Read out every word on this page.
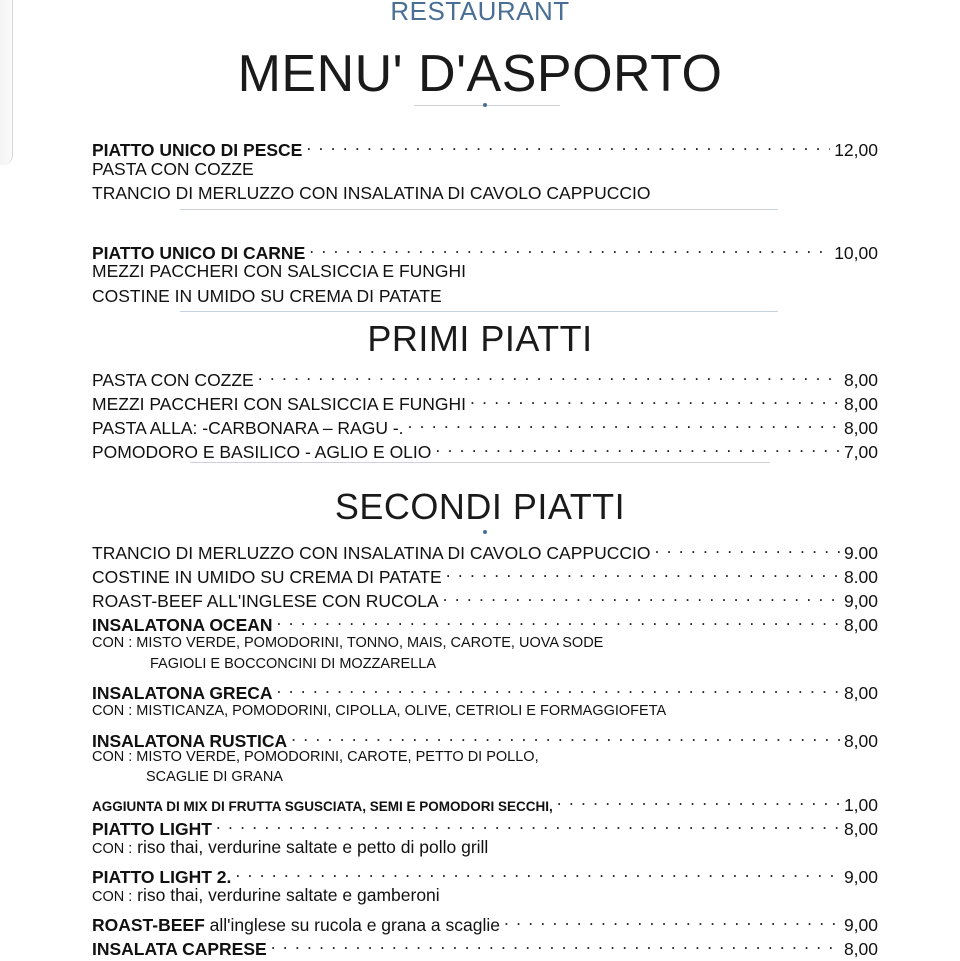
RESTAURANT
MENU' D'ASPORTO
PIATTO UNICO DI PESCE . . .	12,00
PASTA CON COZZE
TRANCIO DI MERLUZZO CON INSALATINA DI CAVOLO CAPPUCCIO
PIATTO UNICO DI CARNE . . .	10,00
MEZZI PACCHERI CON SALSICCIA E FUNGHI
COSTINE IN UMIDO SU CREMA DI PATATE
PRIMI PIATTI
PASTA CON COZZE . . .	8,00
MEZZI PACCHERI CON SALSICCIA E FUNGHI . . .	8,00
PASTA ALLA: -CARBONARA – RAGU -. . . .	8,00
POMODORO E BASILICO - AGLIO E OLIO . . .	7,00
SECONDI PIATTI
TRANCIO DI MERLUZZO CON INSALATINA DI CAVOLO CAPPUCCIO . . .	9.00
COSTINE IN UMIDO SU CREMA DI PATATE . . .	8.00
ROAST-BEEF ALL'INGLESE CON RUCOLA . . .	9,00
INSALATONA OCEAN . . .	8,00
CON : MISTO VERDE, POMODORINI, TONNO, MAIS, CAROTE, UOVA SODE
FAGIOLI E BOCCONCINI DI MOZZARELLA
INSALATONA GRECA . . .	8,00
CON : MISTICANZA, POMODORINI, CIPOLLA, OLIVE, CETRIOLI E FORMAGGIOFETA
INSALATONA RUSTICA . . .	8,00
CON : MISTO VERDE, POMODORINI, CAROTE, PETTO DI POLLO,
SCAGLIE DI GRANA
AGGIUNTA DI MIX DI FRUTTA SGUSCIATA, SEMI E POMODORI SECCHI, . . .	1,00
PIATTO LIGHT . . .	8,00
CON : riso thai, verdurine saltate e petto di pollo grill
PIATTO LIGHT 2. . . .	9,00
CON : riso thai, verdurine saltate e gamberoni
ROAST-BEEF all'inglese su rucola e grana a scaglie . . .	9,00
INSALATA CAPRESE . . .	8,00
